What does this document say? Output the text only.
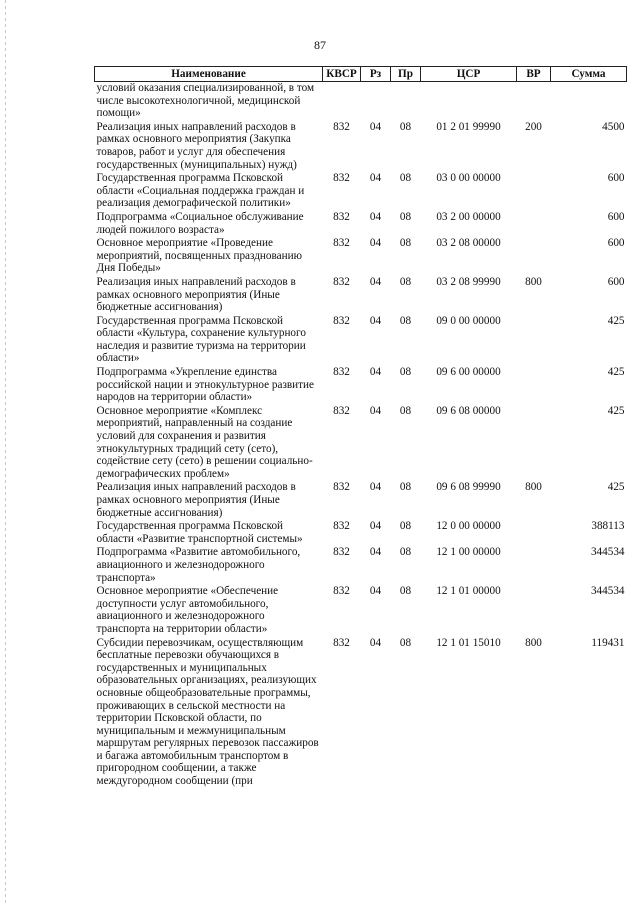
87
Наименование	КВСР	Рз	Пр	ЦСР	ВР	Сумма
условий оказания специализированной, в том числе высокотехнологичной, медицинской помощи»						
Реализация иных направлений расходов в рамках основного мероприятия (Закупка товаров, работ и услуг для обеспечения государственных (муниципальных) нужд)	832	04	08	01 2 01 99990	200	4500
Государственная программа Псковской области «Социальная поддержка граждан и реализация демографической политики»	832	04	08	03 0 00 00000		600
Подпрограмма «Социальное обслуживание людей пожилого возраста»	832	04	08	03 2 00 00000		600
Основное мероприятие «Проведение мероприятий, посвященных празднованию Дня Победы»	832	04	08	03 2 08 00000		600
Реализация иных направлений расходов в рамках основного мероприятия (Иные бюджетные ассигнования)	832	04	08	03 2 08 99990	800	600
Государственная программа Псковской области «Культура, сохранение культурного наследия и развитие туризма на территории области»	832	04	08	09 0 00 00000		425
Подпрограмма «Укрепление единства российской нации и этнокультурное развитие народов на территории области»	832	04	08	09 6 00 00000		425
Основное мероприятие «Комплекс мероприятий, направленный на создание условий для сохранения и развития этнокультурных традиций сету (сето), содействие сету (сето) в решении социально-демографических проблем»	832	04	08	09 6 08 00000		425
Реализация иных направлений расходов в рамках основного мероприятия (Иные бюджетные ассигнования)	832	04	08	09 6 08 99990	800	425
Государственная программа Псковской области «Развитие транспортной системы»	832	04	08	12 0 00 00000		388113
Подпрограмма «Развитие автомобильного, авиационного и железнодорожного транспорта»	832	04	08	12 1 00 00000		344534
Основное мероприятие «Обеспечение доступности услуг автомобильного, авиационного и железнодорожного транспорта на территории области»	832	04	08	12 1 01 00000		344534
Субсидии перевозчикам, осуществляющим бесплатные перевозки обучающихся в государственных и муниципальных образовательных организациях, реализующих основные общеобразовательные программы, проживающих в сельской местности на территории Псковской области, по муниципальным и межмуниципальным маршрутам регулярных перевозок пассажиров и багажа автомобильным транспортом в пригородном сообщении, а также междугородном сообщении (при	832	04	08	12 1 01 15010	800	119431
